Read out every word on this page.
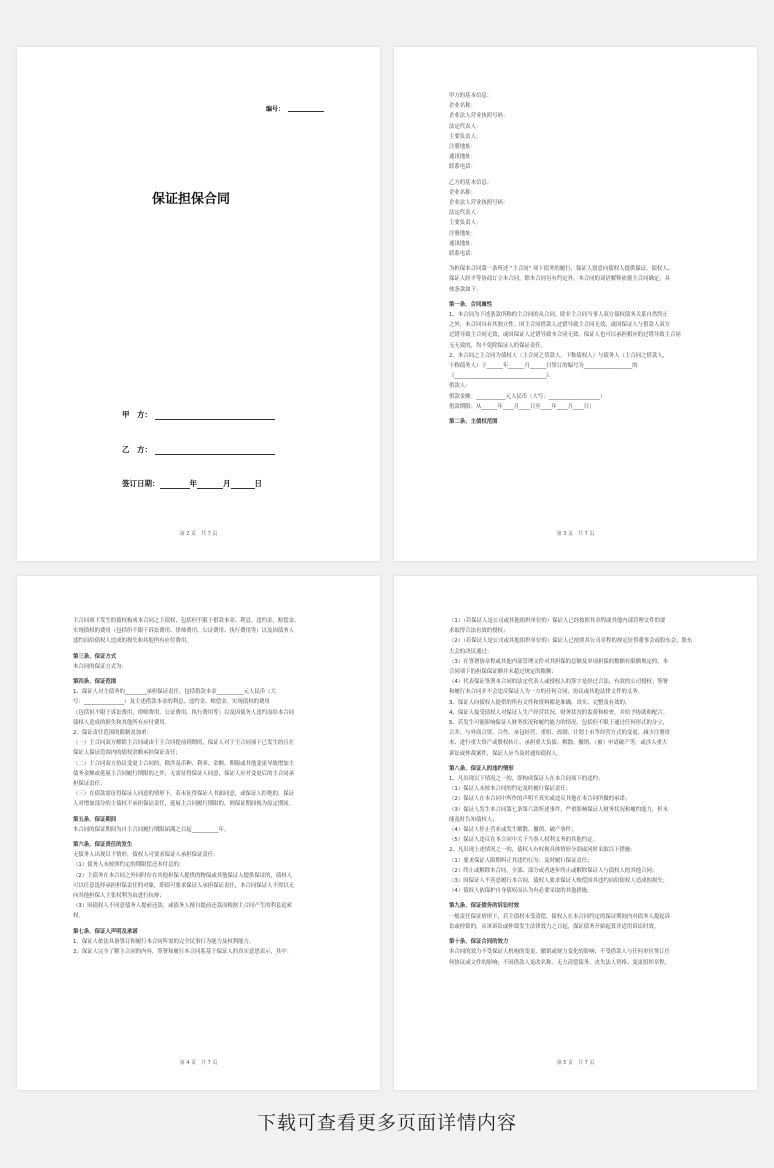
编号：
保证担保合同
甲　方：
乙　方：
签订日期：	年	月	日
第 2 页　共 7 页
甲方的基本信息：
企业名称：
企业法人营业执照号码：
法定代表人：
主要负责人：
注册地址：
通讯地址：
联系电话：
乙方的基本信息：
企业名称：
企业法人营业执照号码：
法定代表人：
主要负责人：
注册地址：
通讯地址：
联系电话：
为担保本合同第一条所述 "主合同" 项下债务的履行，保证人愿意向债权人提供保证，债权人、
保证人经平等协商订立本合同。除本合同另有约定外，本合同的词语解释依据主合同确定，具
体条款如下：
第一条、合同属性
1、本合同为下述条款所称的主合同的从合同。除非主合同当事人双方债权债务关系自然终止
之外，本合同具有其独立性。因主合同借款人过错导致主合同无效，或因保证人与借款人双方
过错导致主合同无效，或因保证人过错导致本合同无效，保证人也可以承担相应的过错导致主合同
无无效的，均不免除保证人的保证责任。
2、本合同之主合同为债权人（主合同之贷款人，下称债权人）与债务人（主合同之借款人，
下称债务人）于______年______月______日签订的编号为__________________的
《__________________________________》。
借款人：
借款金额：___________元人民币（大写：___________________）
借款期限：从______年____月____日至____年____月____日）
第二条、主债权范围
第 3 页　共 7 页
主合同项下发生的债权构成本合同之主债权，包括但不限于借款本金、利息、违约金、赔偿金、
实现债权的费用（包括但不限于诉讼费用、律师费用、公证费用、执行费用等）以及因债务人
违约而给债权人造成的损失和其他所有应付费用。
第三条、保证方式
本合同的保证方式为：
第四条、保证范围
1、保证人对主债务的________承担保证责任。包括借款本金__________元人民币（大
写：_______________）及主述借款本金的利息、违约金、赔偿金、实现债权的费用
（包括但不限于诉讼费用、律师费用、公证费用、执行费用等）以及因债务人违约而给本合同
债权人造成的损失和其他所有应付费用。
2、保证责任范围的限制及加重：
（一）主合同双方解除主合同或由于主合同提前到期的，保证人对于主合同项下已发生的且在
保证人保证范围内的债权余额承担保证责任；
（二）主合同双方协议变更主合同的，除涉及币种、利率、金额、期限或其他变更导致增加主
债务金额或延展主合同履行期限的之外，无需征得保证人同意，保证人应对变更后的主合同承
担保证责任；
（三）在债款需征得保证人同意的情形下，若未征得保证人书面同意，或保证人拒绝的，保证
人对增加部分的主债权不承担保证责任，延展主合同履行期限的，则保证期间视为原定期间。
第五条、保证期间
本合同的保证期间为自主合同履行期限届满之日起__________年。
第六条、保证责任的发生
无债务人出现以下情形，债权人可要求保证人承担保证责任：
（1）债务人未按照约定的期限偿还本付息的；
（2）主债务在本合同之外同时存在其他担保人提供的物保或其他保证人提供保证的，债权人
可以任意选择承担担保责任的对象，即债可要求保证人承担保证责任，本合同保证人不得以无
向其他担保人主张权利为由进行抗辩；
（3）因债权人不同意债务人提前还款，或债务人擅自提前还款而根据主合同产生的利息追索
权。
第七条、保证人声明及承诺
1、保证人依法具备签订和履行本合同所需的完全民事行为能力及权利能力。
2、保证人完全了解主合同的内容，签署和履行本合同系基于保证人的真实意思表示，其中：
第 4 页　共 7 页
（1）（若保证人是公司或其他组织单位的）保证人已经按照其章程或其他内部管理文件的要
求取得合法有效的授权；
（2）（若保证人是公司或其他组织单位的）保证人已按照其公司章程的规定征得董事会或股东会、股东
大会的决议通过；
（3）在签署协章程或其他内部管理文件对其担保的总额及单项担保的数额有限额规定的，本
合同项下的担保保证额并未超过规定的限额；
（4）代表保证签署本合同的法定代表人或授权人的签字是经过合法、有效的公司授权；签署
和履行本合同并不会违反保证人为一方的任何合同、协议或其他法律文件的义务。
3、保证人向债权人提供的所有文件和资料都是准确、真实、完整及有效的。
4、保证人接受债权人对保证人生产经营状况、财务状况的监督和检查，并给予协助和配合。
5、若发生可能影响保证人财务状况和履约能力的情况，包括但不限于通过任何形式的分立、
合并、与外商合资、合作、承包经营、重组、改制、计划上市等经营方式的变更，减少注册资
本、进行重大资产或股权转让、承担重大负债、解散、撤销、（被）申请破产等，或涉入重大
诉讼或仲裁案件，保证人应当及时通知债权人。
第八条、保证人的违约情形
1、凡出现以下情况之一的，即构成保证人在本合同项下的违约：
（1）保证人未按本合同的约定及时履行保证责任；
（2）保证人在本合同中所作的声明不真实或违反其他在本合同所做的承诺；
（3）保证人发生本合同第七条第六款所述事件，严重影响保证人财务状况和履约能力，但未
能及时告知债权人；
（4）保证人停止营业或发生解散、撤销、破产事件；
（5）保证人违反在本合同中关于当事人权利义务的其他约定。
2、凡出现上述情况之一的，债权人有权视具体情形分别或同时采取以下措施：
（1）要求保证人限期纠正其违约行为；及时履行保证责任；
（2）终止或解除本合同，全部、部分或者逐步终止或解除保证人与债权人的其他合同；
（3）因保证人不善意履行本合同，债权人要求保证人赔偿因其违约而给债权人造成的损失；
（4）债权人依保护自身债权而认为有必要采取的其他措施。
第九条、保证债务的诉讼时效
一般责任保证情形下，若主债权未受清偿，债权人在本合同约定的保证期间内对债务人提起诉
讼或仲裁的，从该诉讼或仲裁发生法律效力之日起，保证债务开始起算并适用诉讼时效。
第十条、保证合同的效力
本合同的效力不受保证人机构的变更、撤销或财力变化的影响；不受借款人与任何单位签订任
何协议或文件的影响；不因借款人更改名称、无力清偿债务、丧失法人资格、变更组织章程、
第 5 页　共 7 页
下载可查看更多页面详情内容
